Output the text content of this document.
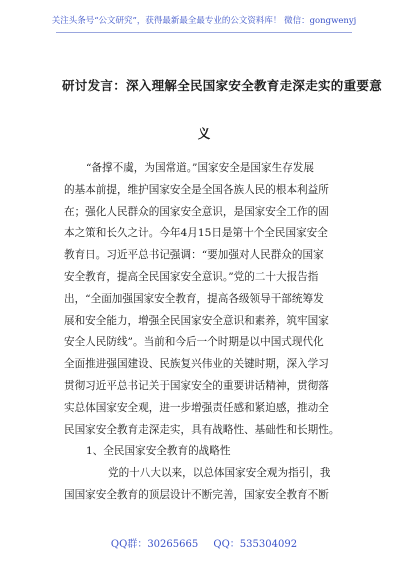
关注头条号“公文研究”，获得最新最全最专业的公文资料库！ 微信：gongwenyj
研讨发言：深入理解全民国家安全教育走深走实的重要意
义
“备撑不虞，为国常道。”国家安全是国家生存发展
的基本前提，维护国家安全是全国各族人民的根本利益所
在；强化人民群众的国家安全意识，是国家安全工作的固
本之策和长久之计。今年4月15日是第十个全民国家安全
教育日。习近平总书记强调：“要加强对人民群众的国家
安全教育，提高全民国家安全意识。”党的二十大报告指
出，“全面加强国家安全教育，提高各级领导干部统筹发
展和安全能力，增强全民国家安全意识和素养，筑牢国家
安全人民防线”。当前和今后一个时期是以中国式现代化
全面推进强国建设、民族复兴伟业的关键时期，深入学习
贯彻习近平总书记关于国家安全的重要讲话精神，贯彻落
实总体国家安全观，进一步增强责任感和紧迫感，推动全
民国家安全教育走深走实，具有战略性、基础性和长期性。
1、全民国家安全教育的战略性
党的十八大以来，以总体国家安全观为指引，我
国国家安全教育的顶层设计不断完善，国家安全教育不断
QQ群：30265665 QQ：535304092
